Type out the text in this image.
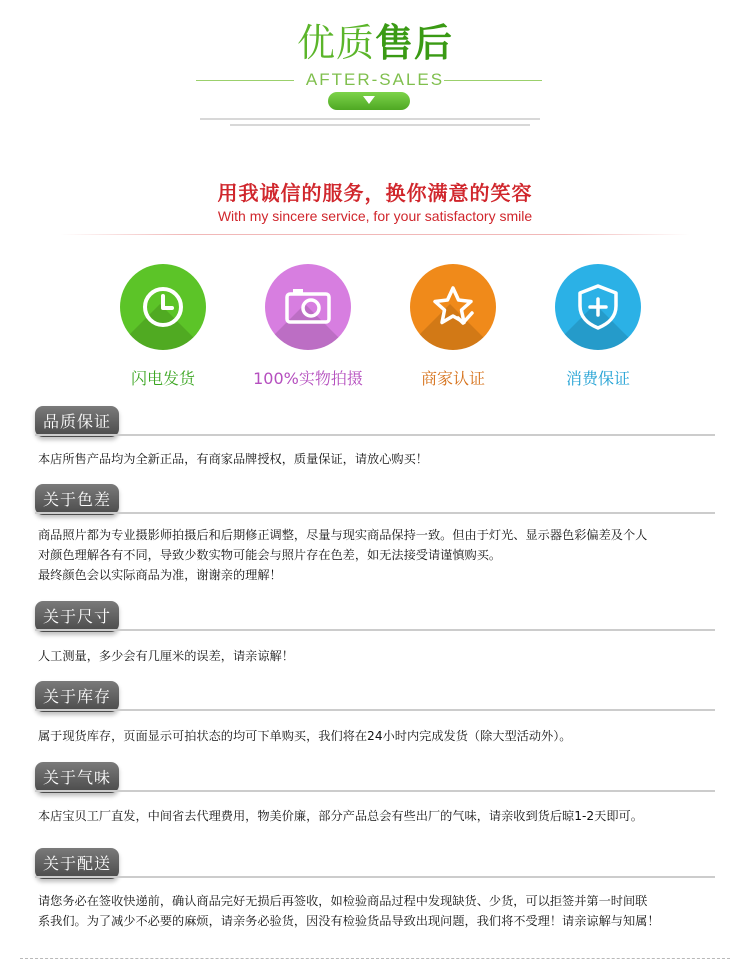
优质售后
AFTER-SALES
用我诚信的服务，换你满意的笑容
With my sincere service, for your satisfactory smile
闪电发货	100%实物拍摄	商家认证	消费保证
品质保证
本店所售产品均为全新正品，有商家品牌授权，质量保证，请放心购买！
关于色差
商品照片都为专业摄影师拍摄后和后期修正调整，尽量与现实商品保持一致。但由于灯光、显示器色彩偏差及个人
对颜色理解各有不同，导致少数实物可能会与照片存在色差，如无法接受请谨慎购买。
最终颜色会以实际商品为准，谢谢亲的理解！
关于尺寸
人工测量，多少会有几厘米的误差，请亲谅解！
关于库存
属于现货库存，页面显示可拍状态的均可下单购买，我们将在24小时内完成发货（除大型活动外）。
关于气味
本店宝贝工厂直发，中间省去代理费用，物美价廉，部分产品总会有些出厂的气味，请亲收到货后晾1-2天即可。
关于配送
请您务必在签收快递前，确认商品完好无损后再签收，如检验商品过程中发现缺货、少货，可以拒签并第一时间联
系我们。为了减少不必要的麻烦，请亲务必验货，因没有检验货品导致出现问题，我们将不受理！请亲谅解与知属！
